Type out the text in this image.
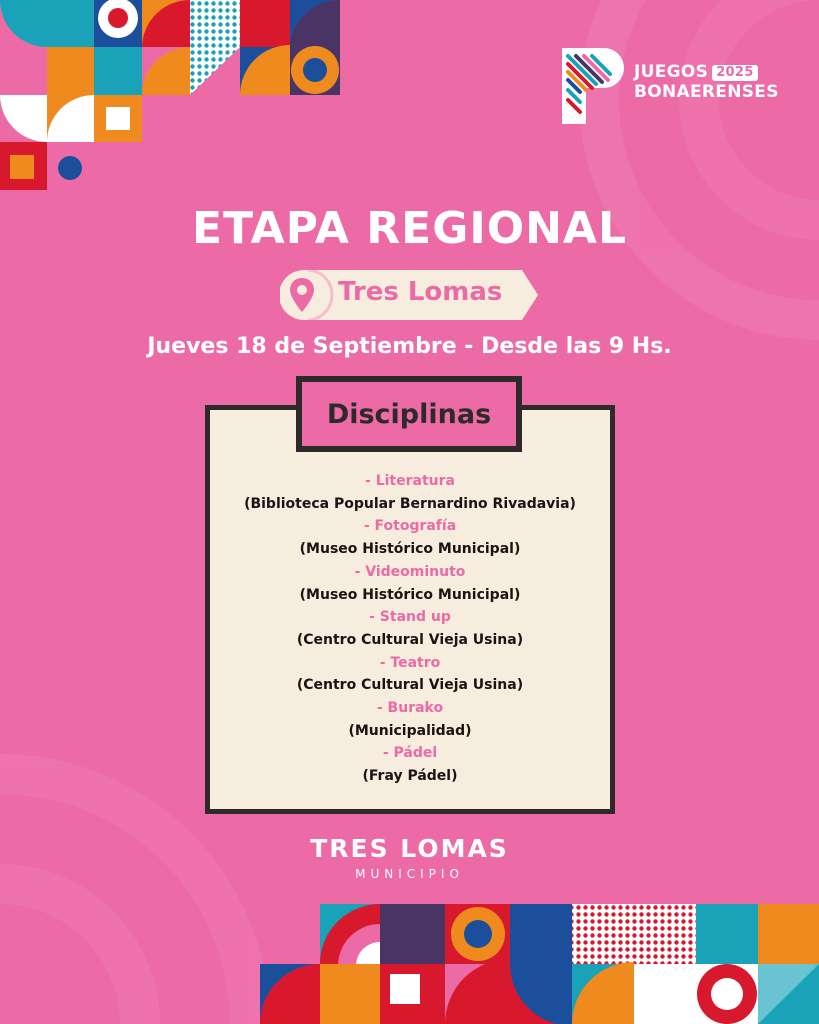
JUEGOS 2025
BONAERENSES
ETAPA REGIONAL
Tres Lomas
Jueves 18 de Septiembre - Desde las 9 Hs.
Disciplinas
- Literatura
(Biblioteca Popular Bernardino Rivadavia)
- Fotografía
(Museo Histórico Municipal)
- Videominuto
(Museo Histórico Municipal)
- Stand up
(Centro Cultural Vieja Usina)
- Teatro
(Centro Cultural Vieja Usina)
- Burako
(Municipalidad)
- Pádel
(Fray Pádel)
TRES LOMAS
MUNICIPIO
